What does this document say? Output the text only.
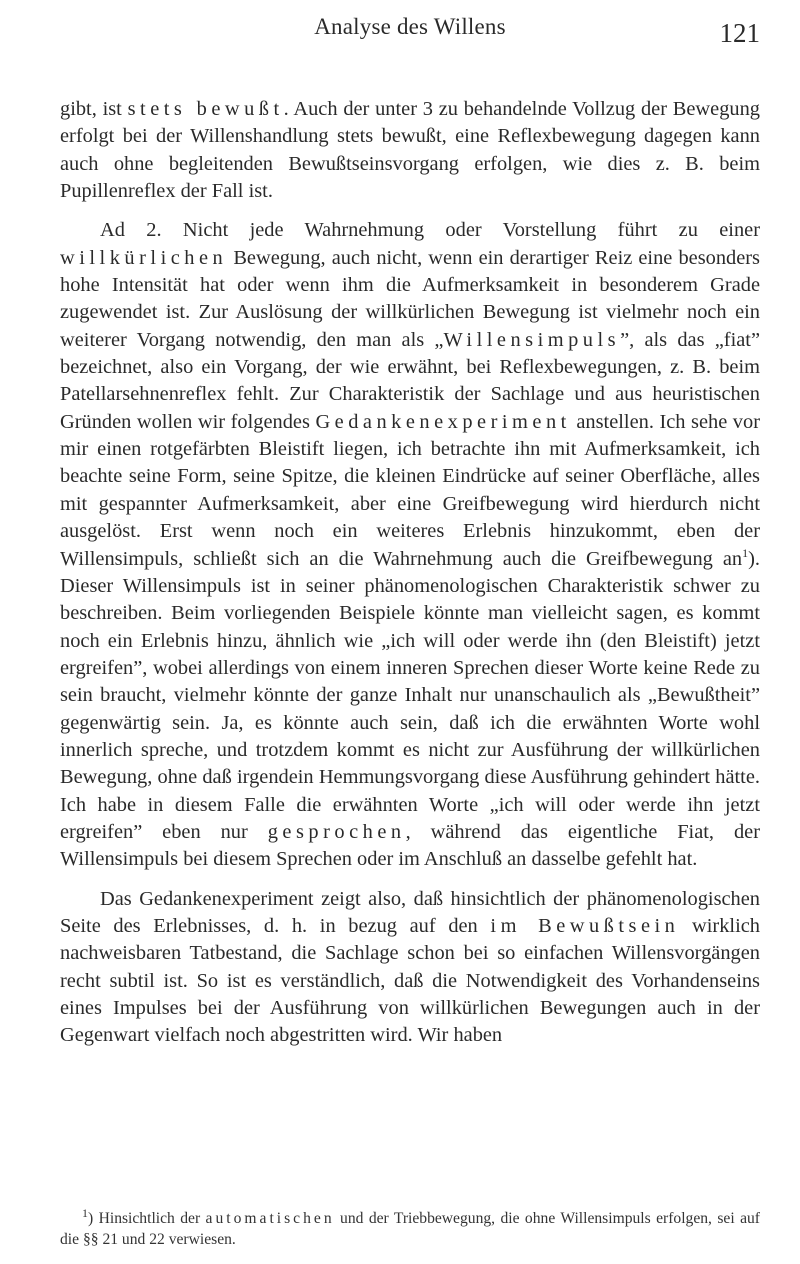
Analyse des Willens	121

gibt, ist stets bewußt. Auch der unter 3 zu behandelnde Vollzug der Bewegung erfolgt bei der Willenshandlung stets bewußt, eine Reflexbewegung dagegen kann auch ohne begleitenden Bewußtseinsvorgang erfolgen, wie dies z. B. beim Pupillenreflex der Fall ist.

Ad 2. Nicht jede Wahrnehmung oder Vorstellung führt zu einer willkürlichen Bewegung, auch nicht, wenn ein derartiger Reiz eine besonders hohe Intensität hat oder wenn ihm die Aufmerksamkeit in besonderem Grade zugewendet ist. Zur Auslösung der willkürlichen Bewegung ist vielmehr noch ein weiterer Vorgang notwendig, den man als „Willensimpuls”, als das „fiat” bezeichnet, also ein Vorgang, der wie erwähnt, bei Reflexbewegungen, z. B. beim Patellarsehnenreflex fehlt. Zur Charakteristik der Sachlage und aus heuristischen Gründen wollen wir folgendes Gedankenexperiment anstellen. Ich sehe vor mir einen rotgefärbten Bleistift liegen, ich betrachte ihn mit Aufmerksamkeit, ich beachte seine Form, seine Spitze, die kleinen Eindrücke auf seiner Oberfläche, alles mit gespannter Aufmerksamkeit, aber eine Greifbewegung wird hierdurch nicht ausgelöst. Erst wenn noch ein weiteres Erlebnis hinzukommt, eben der Willensimpuls, schließt sich an die Wahrnehmung auch die Greifbewegung $an^1$). Dieser Willensimpuls ist in seiner phänomenologischen Charakteristik schwer zu beschreiben. Beim vorliegenden Beispiele könnte man vielleicht sagen, es kommt noch ein Erlebnis hinzu, ähnlich wie „ich will oder werde ihn (den Bleistift) jetzt ergreifen”, wobei allerdings von einem inneren Sprechen dieser Worte keine Rede zu sein braucht, vielmehr könnte der ganze Inhalt nur unanschaulich als „Bewußtheit” gegenwärtig sein. Ja, es könnte auch sein, daß ich die erwähnten Worte wohl innerlich spreche, und trotzdem kommt es nicht zur Ausführung der willkürlichen Bewegung, ohne daß irgendein Hemmungsvorgang diese Ausführung gehindert hätte. Ich habe in diesem Falle die erwähnten Worte „ich will oder werde ihn jetzt ergreifen” eben nur gesprochen, während das eigentliche Fiat, der Willensimpuls bei diesem Sprechen oder im Anschluß an dasselbe gefehlt hat.

Das Gedankenexperiment zeigt also, daß hinsichtlich der phänomenologischen Seite des Erlebnisses, d. h. in bezug auf den im Bewußtsein wirklich nachweisbaren Tatbestand, die Sachlage schon bei so einfachen Willensvorgängen recht subtil ist. So ist es verständlich, daß die Notwendigkeit des Vorhandenseins eines Impulses bei der Ausführung von willkürlichen Bewegungen auch in der Gegenwart vielfach noch abgestritten wird. Wir haben

$^1$) Hinsichtlich der automatischen und der Triebbewegung, die ohne Willensimpuls erfolgen, sei auf die §§ 21 und 22 verwiesen.
